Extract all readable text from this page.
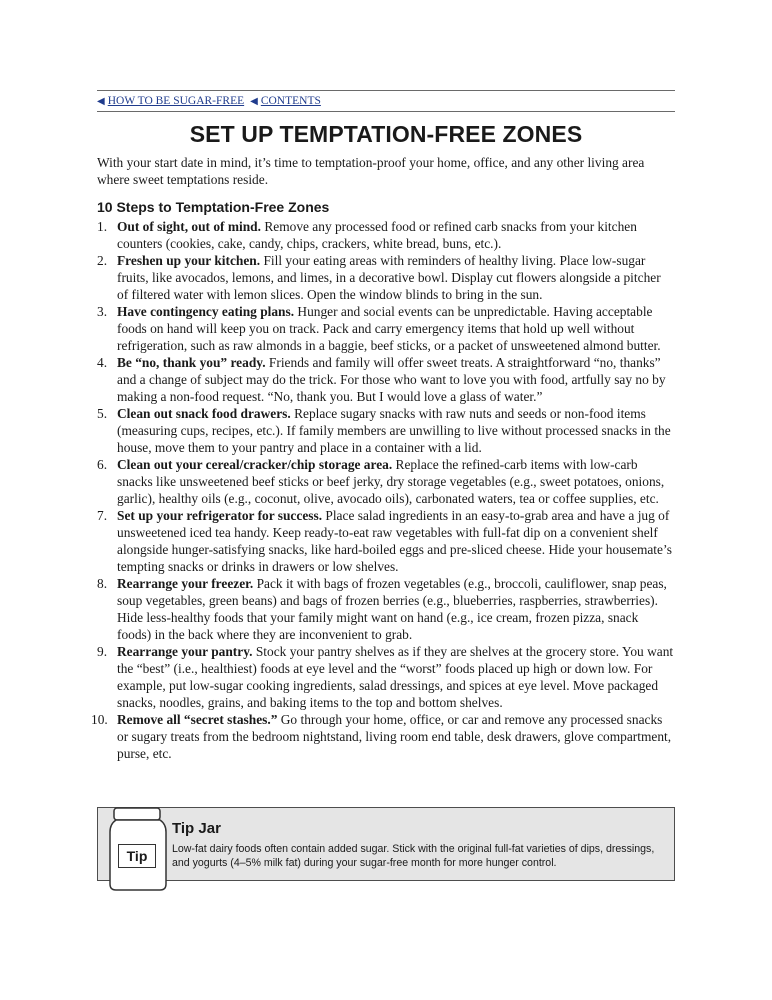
◀ HOW TO BE SUGAR-FREE ◀ CONTENTS
SET UP TEMPTATION-FREE ZONES

With your start date in mind, it’s time to temptation-proof your home, office, and any other living area where sweet temptations reside.

10 Steps to Temptation-Free Zones
1. Out of sight, out of mind. Remove any processed food or refined carb snacks from your kitchen counters (cookies, cake, candy, chips, crackers, white bread, buns, etc.).
2. Freshen up your kitchen. Fill your eating areas with reminders of healthy living. Place low-sugar fruits, like avocados, lemons, and limes, in a decorative bowl. Display cut flowers alongside a pitcher of filtered water with lemon slices. Open the window blinds to bring in the sun.
3. Have contingency eating plans. Hunger and social events can be unpredictable. Having acceptable foods on hand will keep you on track. Pack and carry emergency items that hold up well without refrigeration, such as raw almonds in a baggie, beef sticks, or a packet of unsweetened almond butter.
4. Be “no, thank you” ready. Friends and family will offer sweet treats. A straightforward “no, thanks” and a change of subject may do the trick. For those who want to love you with food, artfully say no by making a non-food request. “No, thank you. But I would love a glass of water.”
5. Clean out snack food drawers. Replace sugary snacks with raw nuts and seeds or non-food items (measuring cups, recipes, etc.). If family members are unwilling to live without processed snacks in the house, move them to your pantry and place in a container with a lid.
6. Clean out your cereal/cracker/chip storage area. Replace the refined-carb items with low-carb snacks like unsweetened beef sticks or beef jerky, dry storage vegetables (e.g., sweet potatoes, onions, garlic), healthy oils (e.g., coconut, olive, avocado oils), carbonated waters, tea or coffee supplies, etc.
7. Set up your refrigerator for success. Place salad ingredients in an easy-to-grab area and have a jug of unsweetened iced tea handy. Keep ready-to-eat raw vegetables with full-fat dip on a convenient shelf alongside hunger-satisfying snacks, like hard-boiled eggs and pre-sliced cheese. Hide your housemate’s tempting snacks or drinks in drawers or low shelves.
8. Rearrange your freezer. Pack it with bags of frozen vegetables (e.g., broccoli, cauliflower, snap peas, soup vegetables, green beans) and bags of frozen berries (e.g., blueberries, raspberries, strawberries). Hide less-healthy foods that your family might want on hand (e.g., ice cream, frozen pizza, snack foods) in the back where they are inconvenient to grab.
9. Rearrange your pantry. Stock your pantry shelves as if they are shelves at the grocery store. You want the “best” (i.e., healthiest) foods at eye level and the “worst” foods placed up high or down low. For example, put low-sugar cooking ingredients, salad dressings, and spices at eye level. Move packaged snacks, noodles, grains, and baking items to the top and bottom shelves.
10. Remove all “secret stashes.” Go through your home, office, or car and remove any processed snacks or sugary treats from the bedroom nightstand, living room end table, desk drawers, glove compartment, purse, etc.
Tip
Tip Jar
Low-fat dairy foods often contain added sugar. Stick with the original full-fat varieties of dips, dressings, and yogurts (4–5% milk fat) during your sugar-free month for more hunger control.
